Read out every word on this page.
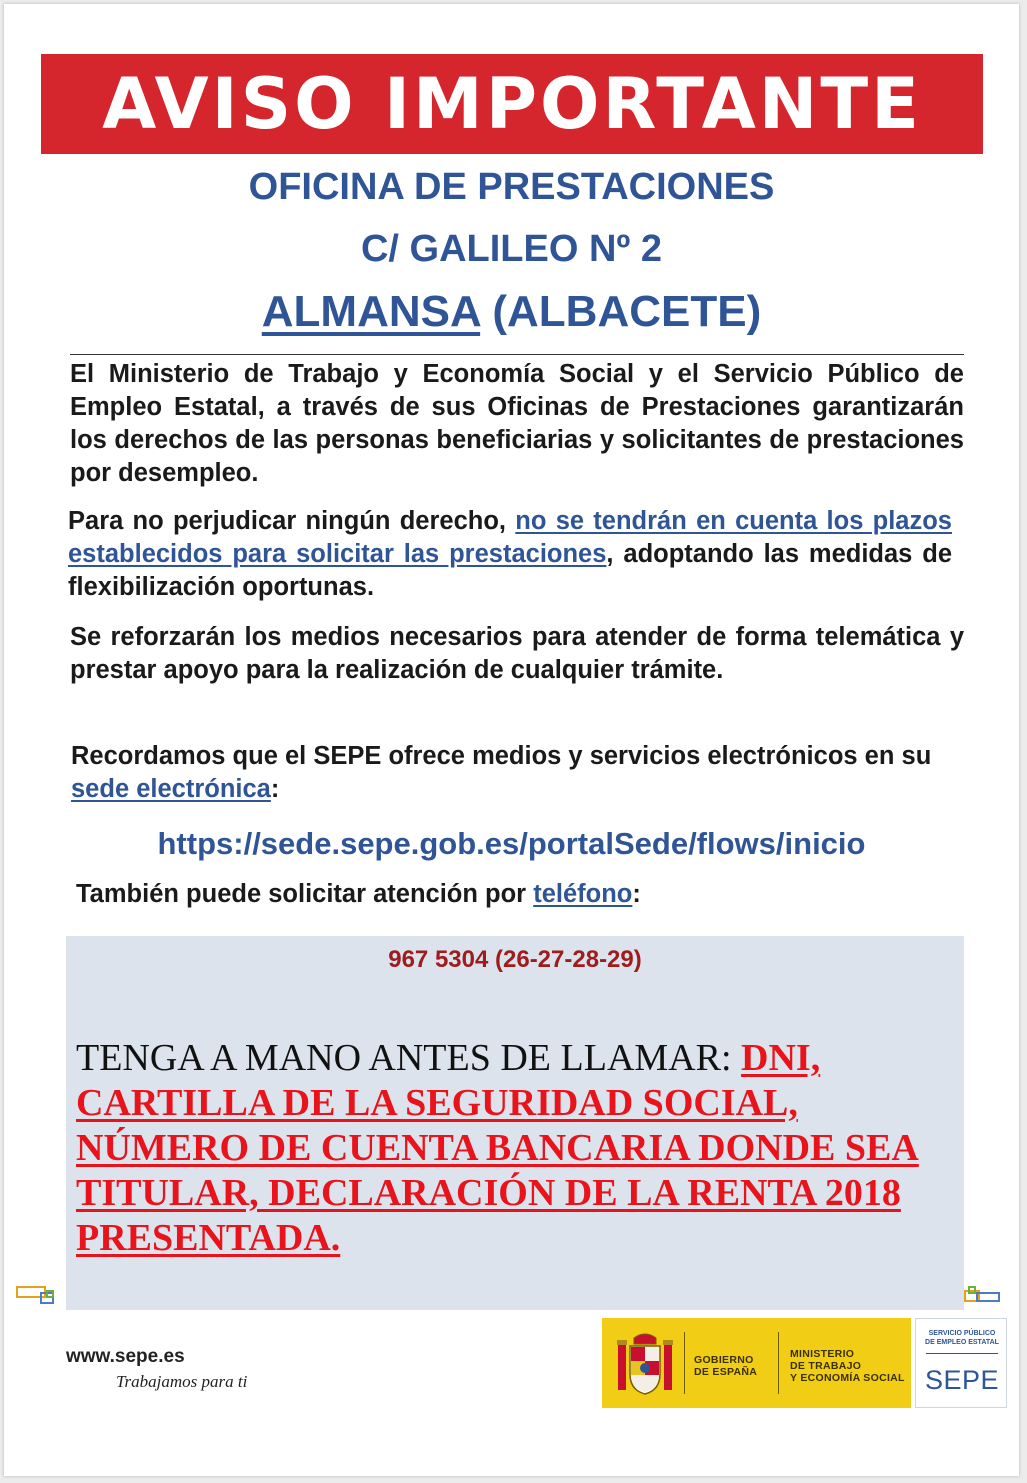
AVISO IMPORTANTE
OFICINA DE PRESTACIONES
C/ GALILEO Nº 2
ALMANSA (ALBACETE)

El Ministerio de Trabajo y Economía Social y el Servicio Público de Empleo Estatal, a través de sus Oficinas de Prestaciones garantizarán los derechos de las personas beneficiarias y solicitantes de prestaciones por desempleo.

Para no perjudicar ningún derecho, no se tendrán en cuenta los plazos establecidos para solicitar las prestaciones, adoptando las medidas de flexibilización oportunas.

Se reforzarán los medios necesarios para atender de forma telemática y prestar apoyo para la realización de cualquier trámite.

Recordamos que el SEPE ofrece medios y servicios electrónicos en su sede electrónica:

https://sede.sepe.gob.es/portalSede/flows/inicio
También puede solicitar atención por teléfono:
967 5304 (26-27-28-29)
TENGA A MANO ANTES DE LLAMAR: DNI, CARTILLA DE LA SEGURIDAD SOCIAL, NÚMERO DE CUENTA BANCARIA DONDE SEA TITULAR, DECLARACIÓN DE LA RENTA 2018 PRESENTADA.
www.sepe.es
Trabajamos para ti
GOBIERNO
DE ESPAÑA
MINISTERIO
DE TRABAJO
Y ECONOMÍA SOCIAL
SERVICIO PÚBLICO
DE EMPLEO ESTATAL
SEPE
